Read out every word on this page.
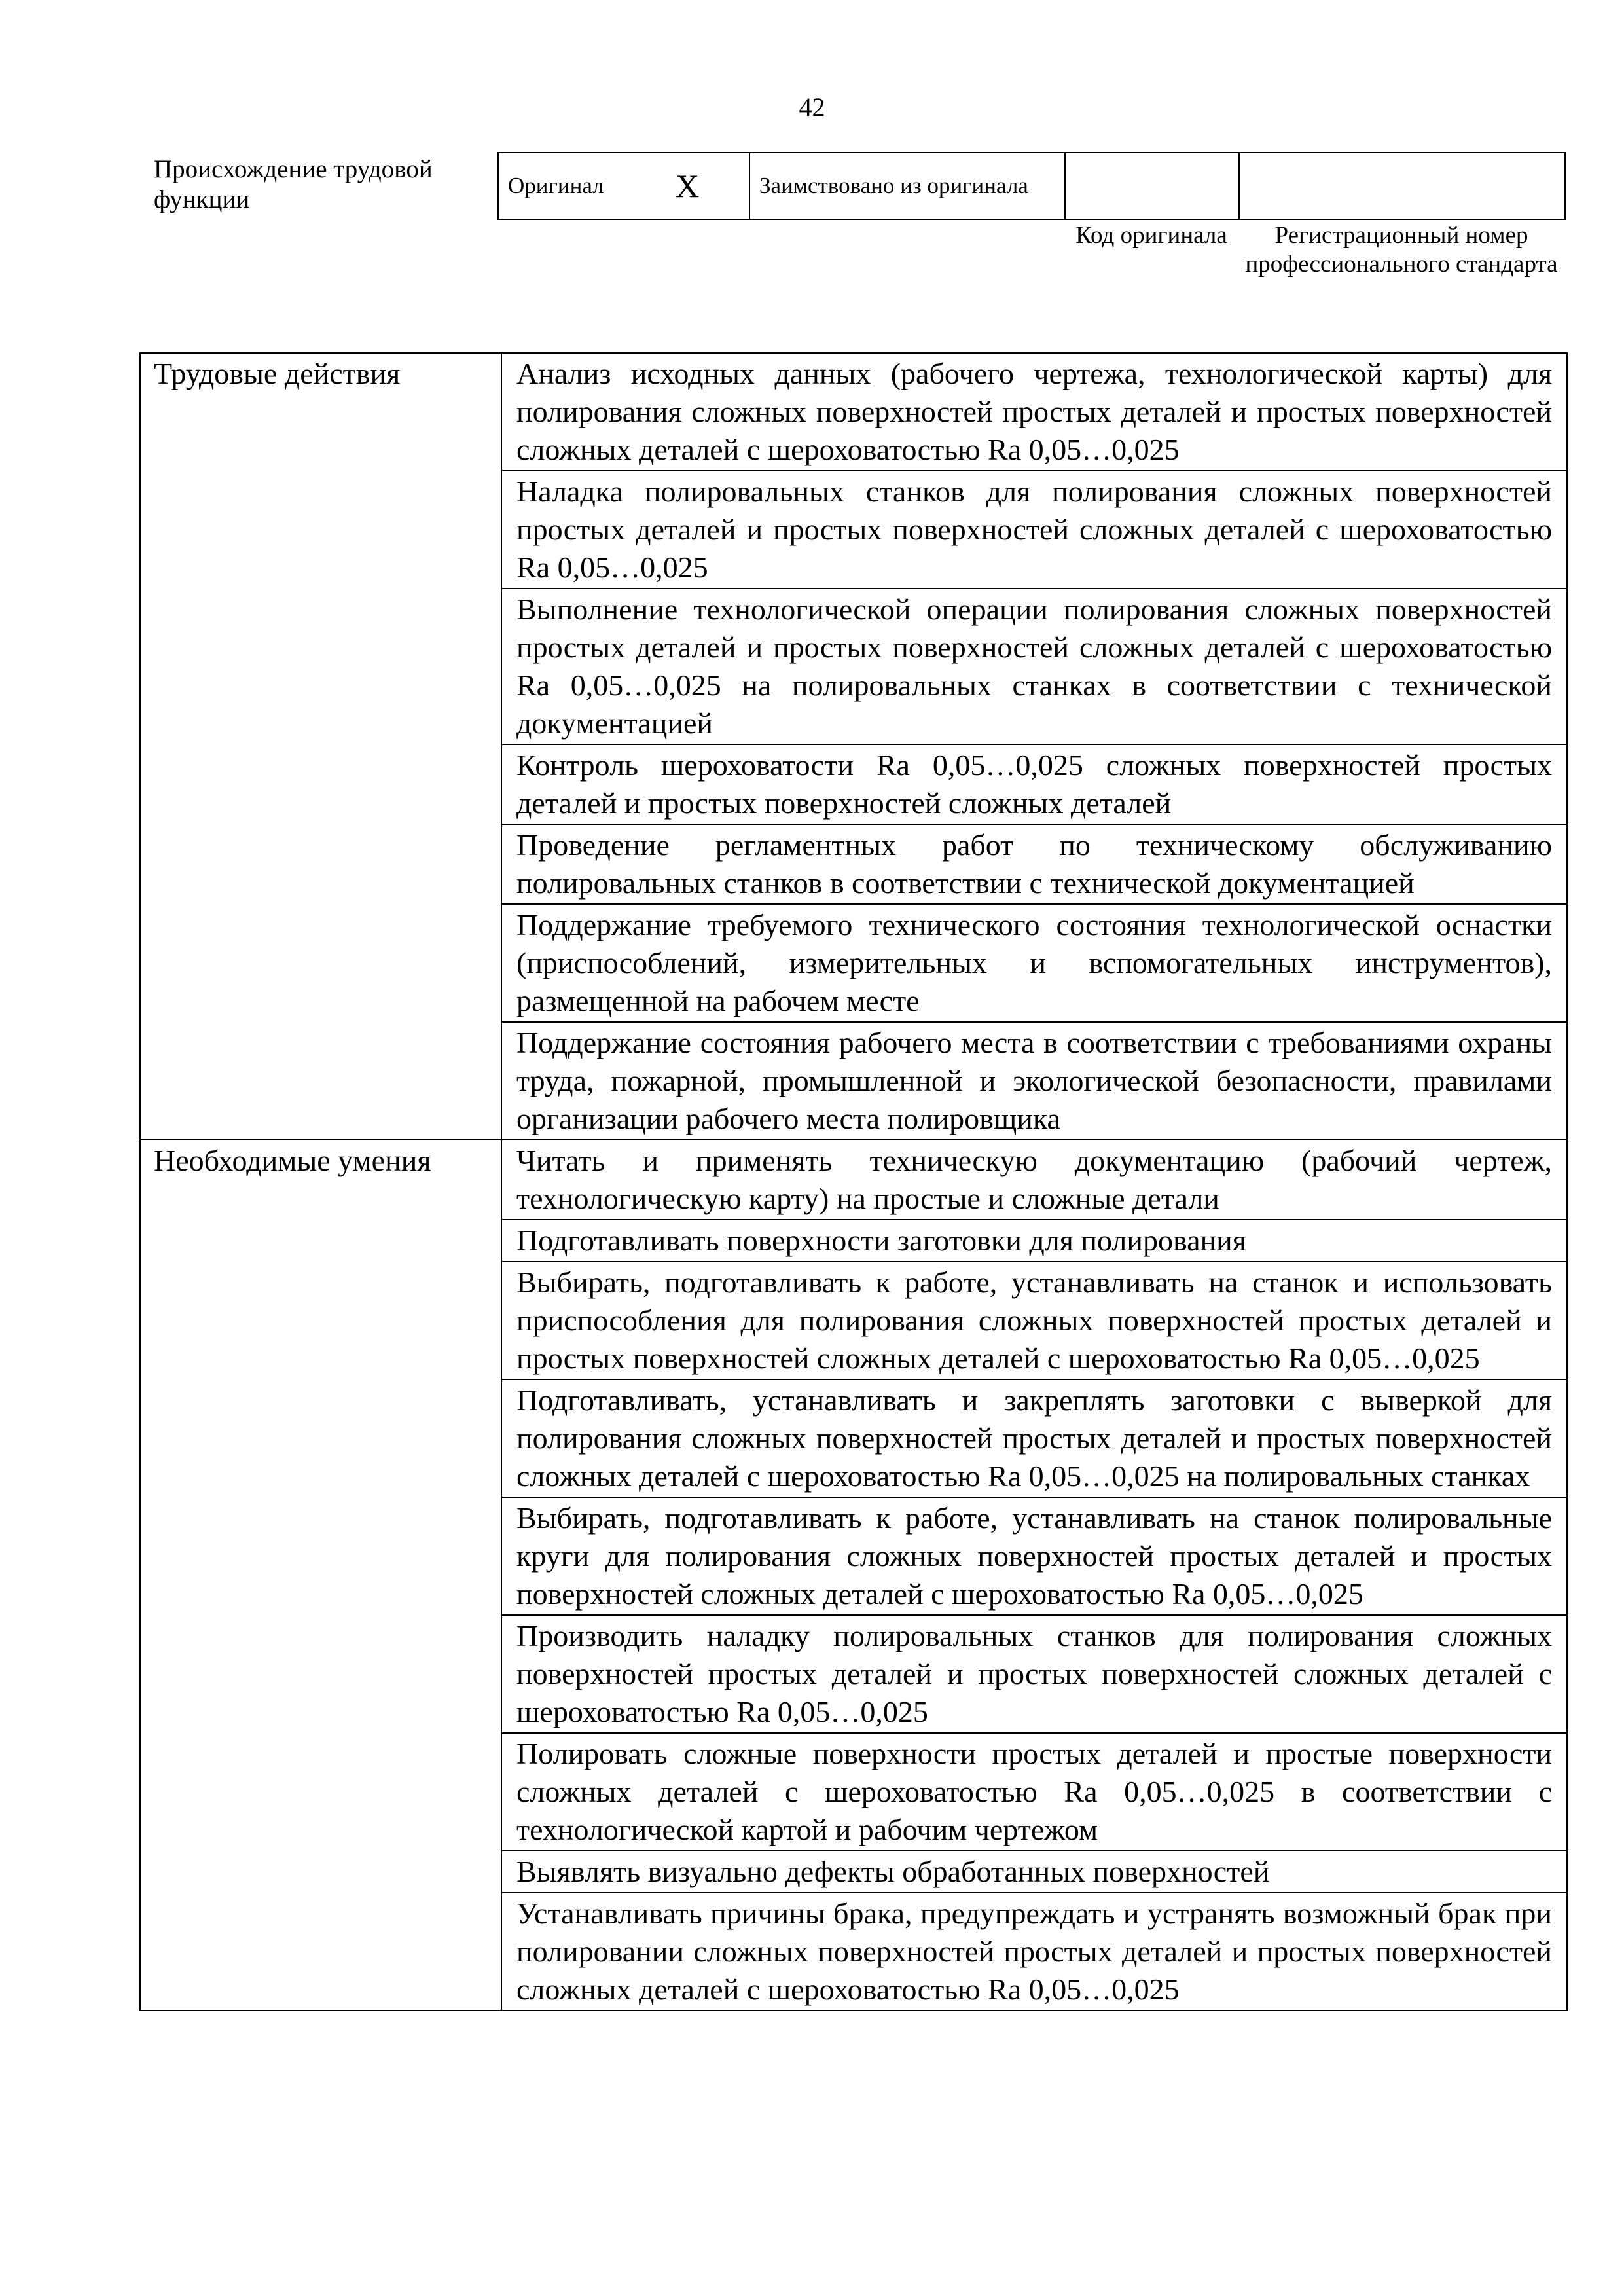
42
Происхождение трудовой функции	Оригинал X	Заимствовано из оригинала		
Код оригинала	Регистрационный номер профессионального стандарта
Трудовые действия	Анализ исходных данных (рабочего чертежа, технологической карты) для полирования сложных поверхностей простых деталей и простых поверхностей сложных деталей с шероховатостью Ra 0,05…0,025
	Наладка полировальных станков для полирования сложных поверхностей простых деталей и простых поверхностей сложных деталей с шероховатостью Ra 0,05…0,025
	Выполнение технологической операции полирования сложных поверхностей простых деталей и простых поверхностей сложных деталей с шероховатостью Ra 0,05…0,025 на полировальных станках в соответствии с технической документацией
	Контроль шероховатости Ra 0,05…0,025 сложных поверхностей простых деталей и простых поверхностей сложных деталей
	Проведение регламентных работ по техническому обслуживанию полировальных станков в соответствии с технической документацией
	Поддержание требуемого технического состояния технологической оснастки (приспособлений, измерительных и вспомогательных инструментов), размещенной на рабочем месте
	Поддержание состояния рабочего места в соответствии с требованиями охраны труда, пожарной, промышленной и экологической безопасности, правилами организации рабочего места полировщика
Необходимые умения	Читать и применять техническую документацию (рабочий чертеж, технологическую карту) на простые и сложные детали
	Подготавливать поверхности заготовки для полирования
	Выбирать, подготавливать к работе, устанавливать на станок и использовать приспособления для полирования сложных поверхностей простых деталей и простых поверхностей сложных деталей с шероховатостью Ra 0,05…0,025
	Подготавливать, устанавливать и закреплять заготовки с выверкой для полирования сложных поверхностей простых деталей и простых поверхностей сложных деталей с шероховатостью Ra 0,05…0,025 на полировальных станках
	Выбирать, подготавливать к работе, устанавливать на станок полировальные круги для полирования сложных поверхностей простых деталей и простых поверхностей сложных деталей с шероховатостью Ra 0,05…0,025
	Производить наладку полировальных станков для полирования сложных поверхностей простых деталей и простых поверхностей сложных деталей с шероховатостью Ra 0,05…0,025
	Полировать сложные поверхности простых деталей и простые поверхности сложных деталей с шероховатостью Ra 0,05…0,025 в соответствии с технологической картой и рабочим чертежом
	Выявлять визуально дефекты обработанных поверхностей
	Устанавливать причины брака, предупреждать и устранять возможный брак при полировании сложных поверхностей простых деталей и простых поверхностей сложных деталей с шероховатостью Ra 0,05…0,025
